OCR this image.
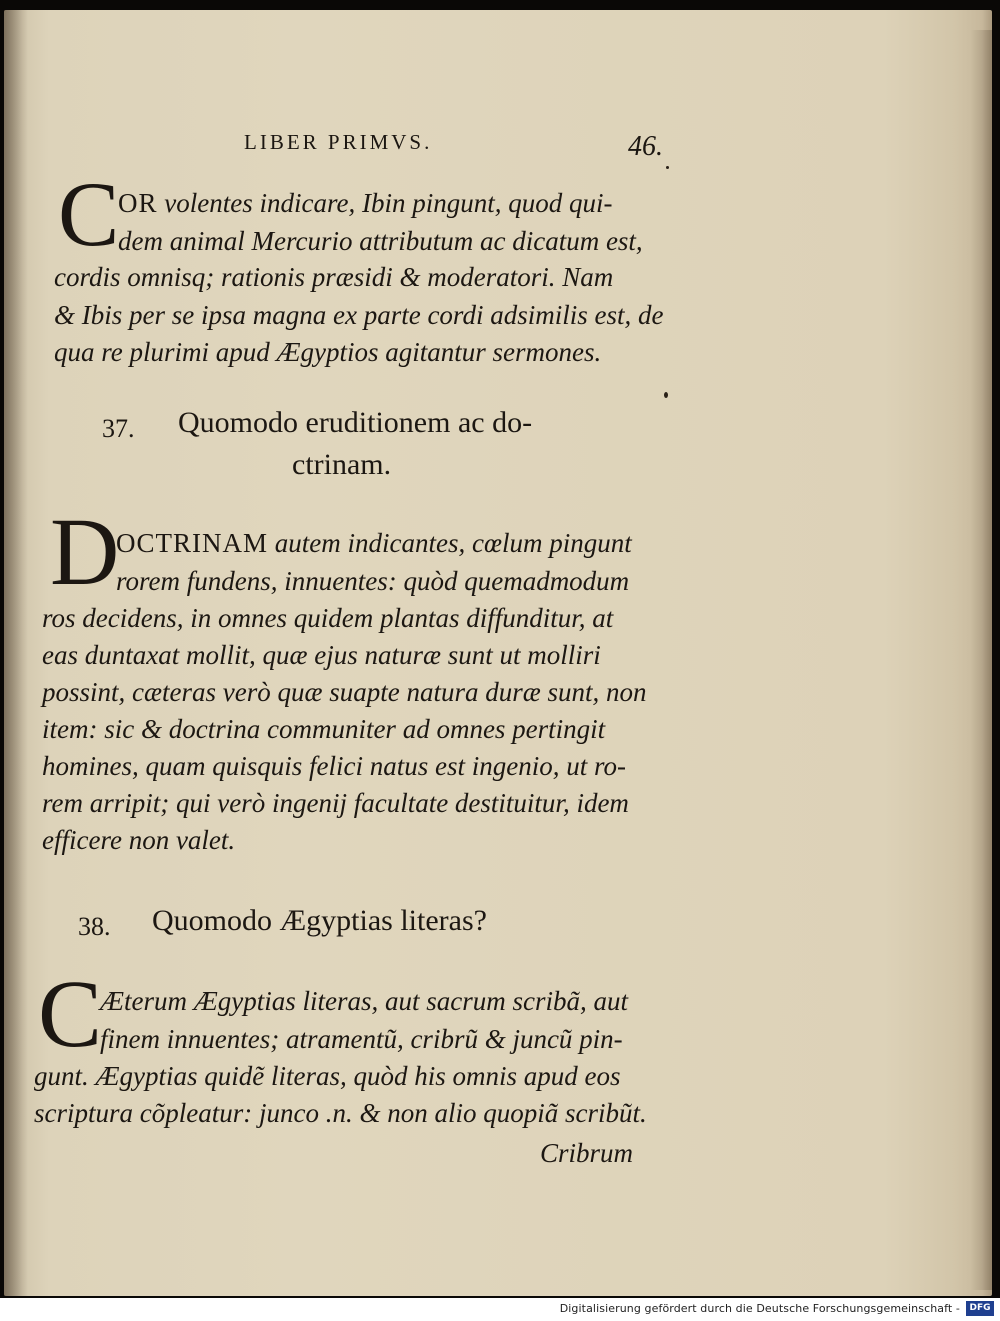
LIBER PRIMVS.	46.
C
OR volentes indicare, Ibin pingunt, quod qui-
dem animal Mercurio attributum ac dicatum est,
cordis omnisq; rationis præsidi & moderatori. Nam
& Ibis per se ipsa magna ex parte cordi adsimilis est, de
qua re plurimi apud Ægyptios agitantur sermones.
37. Quomodo eruditionem ac do-
ctrinam.
D
OCTRINAM autem indicantes, cœlum pingunt
rorem fundens, innuentes: quòd quemadmodum
ros decidens, in omnes quidem plantas diffunditur, at
eas duntaxat mollit, quæ ejus naturæ sunt ut molliri
possint, cæteras verò quæ suapte natura duræ sunt, non
item: sic & doctrina communiter ad omnes pertingit
homines, quam quisquis felici natus est ingenio, ut ro-
rem arripit; qui verò ingenij facultate destituitur, idem
efficere non valet.
38. Quomodo Ægyptias literas?
C
Æterum Ægyptias literas, aut sacrum scribã, aut
finem innuentes; atramentũ, cribrũ & juncũ pin-
gunt. Ægyptias quidẽ literas, quòd his omnis apud eos
scriptura cõpleatur: junco .n. & non alio quopiã scribũt.
Cribrum
Digitalisierung gefördert durch die Deutsche Forschungsgemeinschaft -	DFG
